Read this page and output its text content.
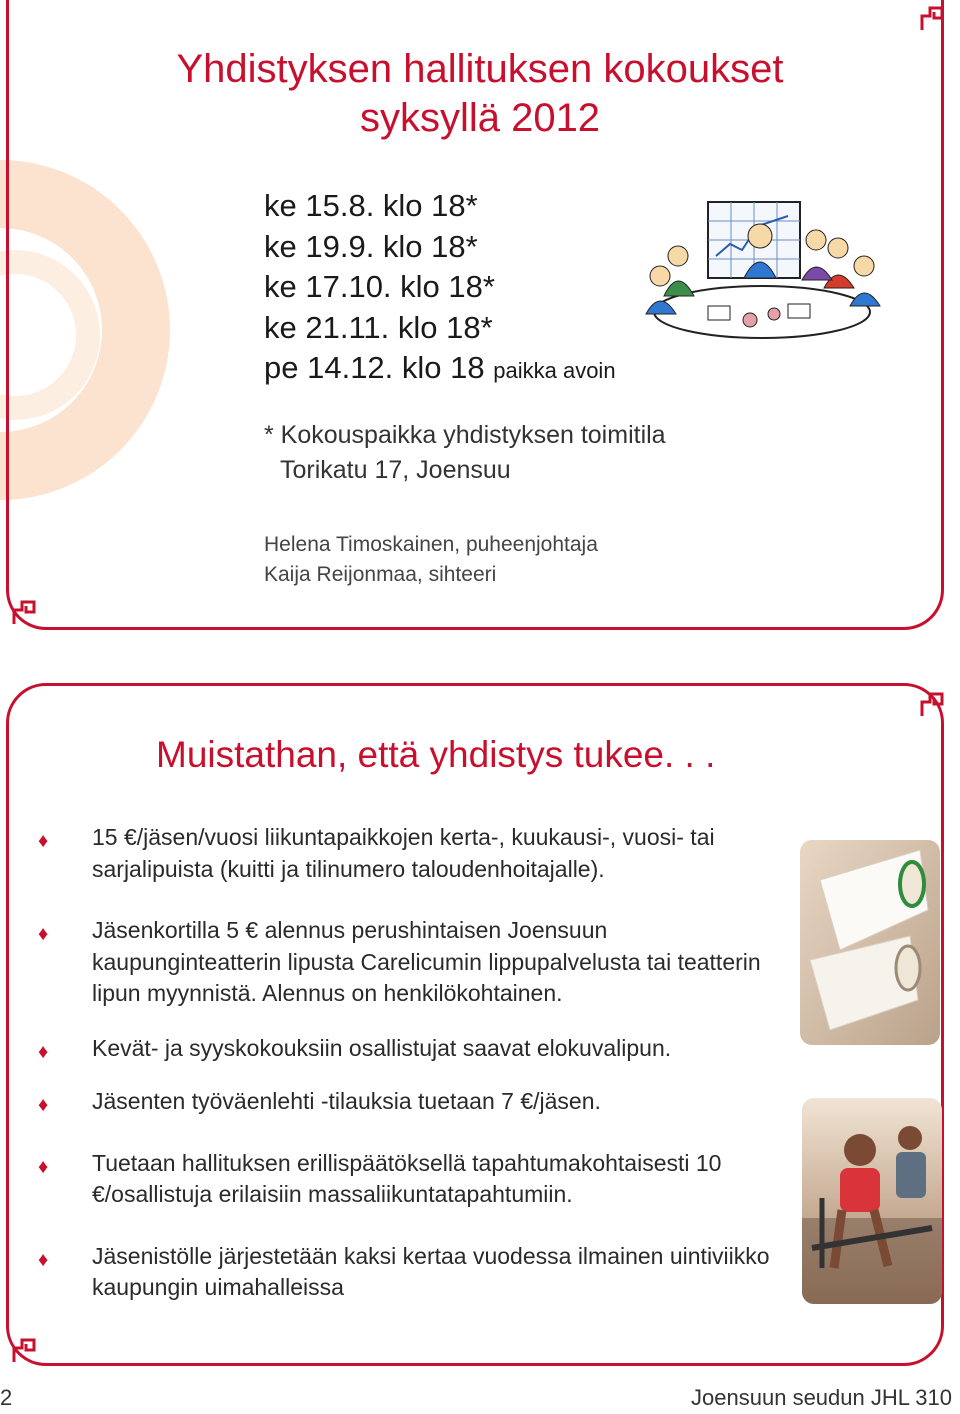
Yhdistyksen hallituksen kokoukset
syksyllä 2012
ke 15.8. klo 18*
ke 19.9. klo 18*
ke 17.10. klo 18*
ke 21.11. klo 18*
pe 14.12. klo 18 paikka avoin
* Kokouspaikka yhdistyksen toimitila
Torikatu 17, Joensuu
Helena Timoskainen, puheenjohtaja
Kaija Reijonmaa, sihteeri
Muistathan, että yhdistys tukee. . .
♦ 15 €/jäsen/vuosi liikuntapaikkojen kerta-, kuukausi-, vuosi- tai sarjalipuista (kuitti ja tilinumero taloudenhoitajalle).
♦ Jäsenkortilla 5 € alennus perushintaisen Joensuun kaupunginteatterin lipusta Carelicumin lippupalvelusta tai teatterin lipun myynnistä. Alennus on henkilökohtainen.
♦ Kevät- ja syyskokouksiin osallistujat saavat elokuvalipun.
♦ Jäsenten työväenlehti -tilauksia tuetaan 7 €/jäsen.
♦ Tuetaan hallituksen erillispäätöksellä tapahtumakohtaisesti 10 €/osallistuja erilaisiin massaliikuntatapahtumiin.
♦ Jäsenistölle järjestetään kaksi kertaa vuodessa ilmainen uintiviikko kaupungin uimahalleissa
2	Joensuun seudun JHL 310
